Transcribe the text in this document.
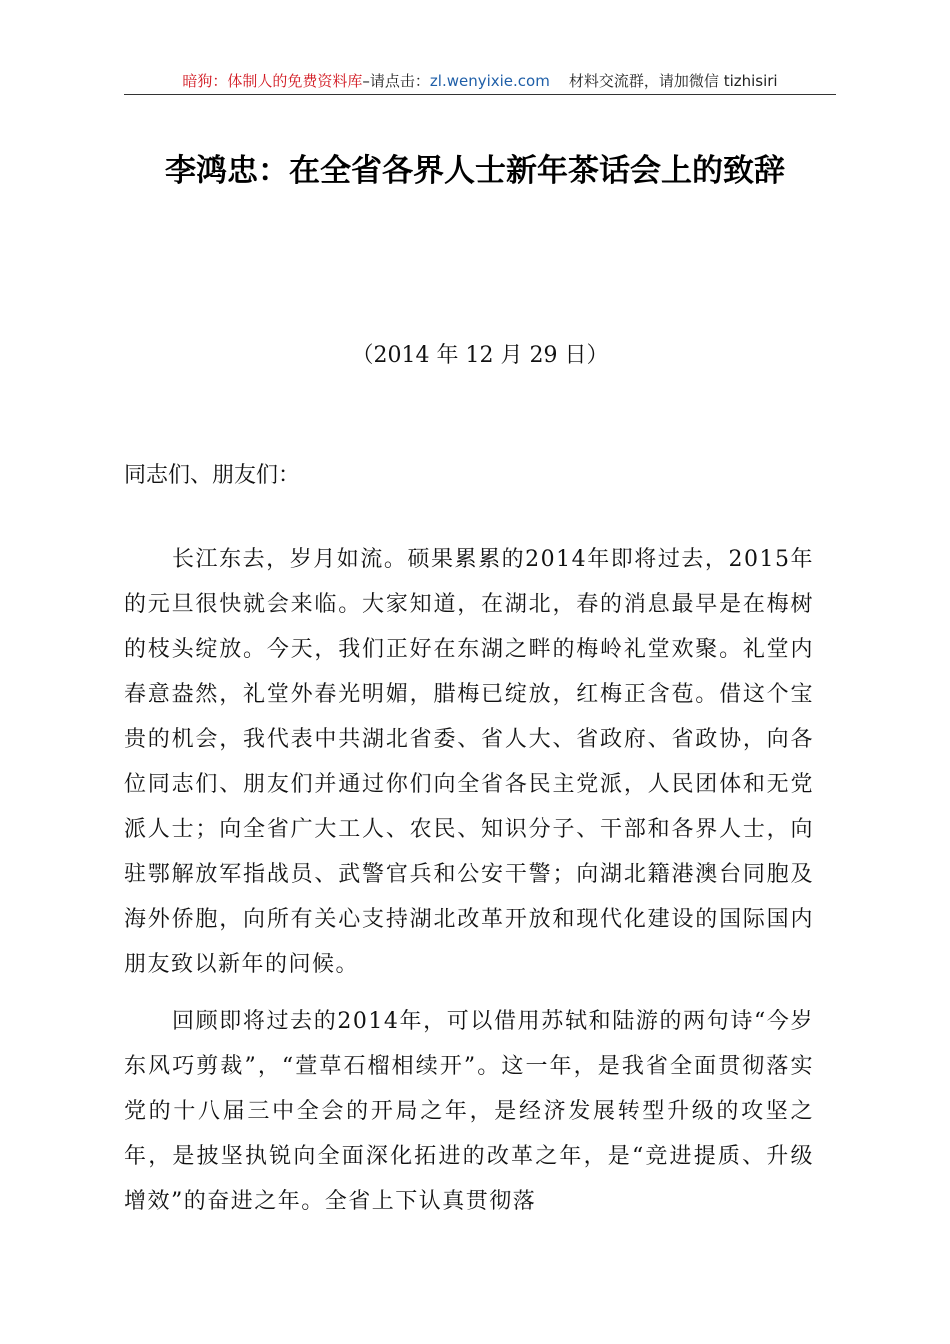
暗狗：体制人的免费资料库–请点击：zl.wenyixie.com 材料交流群，请加微信 tizhisiri
李鸿忠：在全省各界人士新年茶话会上的致辞
（2014 年 12 月 29 日）
同志们、朋友们：

长江东去，岁月如流。硕果累累的2014年即将过去，2015年的元旦很快就会来临。大家知道，在湖北，春的消息最早是在梅树的枝头绽放。今天，我们正好在东湖之畔的梅岭礼堂欢聚。礼堂内春意盎然，礼堂外春光明媚，腊梅已绽放，红梅正含苞。借这个宝贵的机会，我代表中共湖北省委、省人大、省政府、省政协，向各位同志们、朋友们并通过你们向全省各民主党派，人民团体和无党派人士；向全省广大工人、农民、知识分子、干部和各界人士，向驻鄂解放军指战员、武警官兵和公安干警；向湖北籍港澳台同胞及海外侨胞，向所有关心支持湖北改革开放和现代化建设的国际国内朋友致以新年的问候。

回顾即将过去的2014年，可以借用苏轼和陆游的两句诗“今岁东风巧剪裁”，“萱草石榴相续开”。这一年，是我省全面贯彻落实党的十八届三中全会的开局之年，是经济发展转型升级的攻坚之年，是披坚执锐向全面深化拓进的改革之年，是“竞进提质、升级增效”的奋进之年。全省上下认真贯彻落
